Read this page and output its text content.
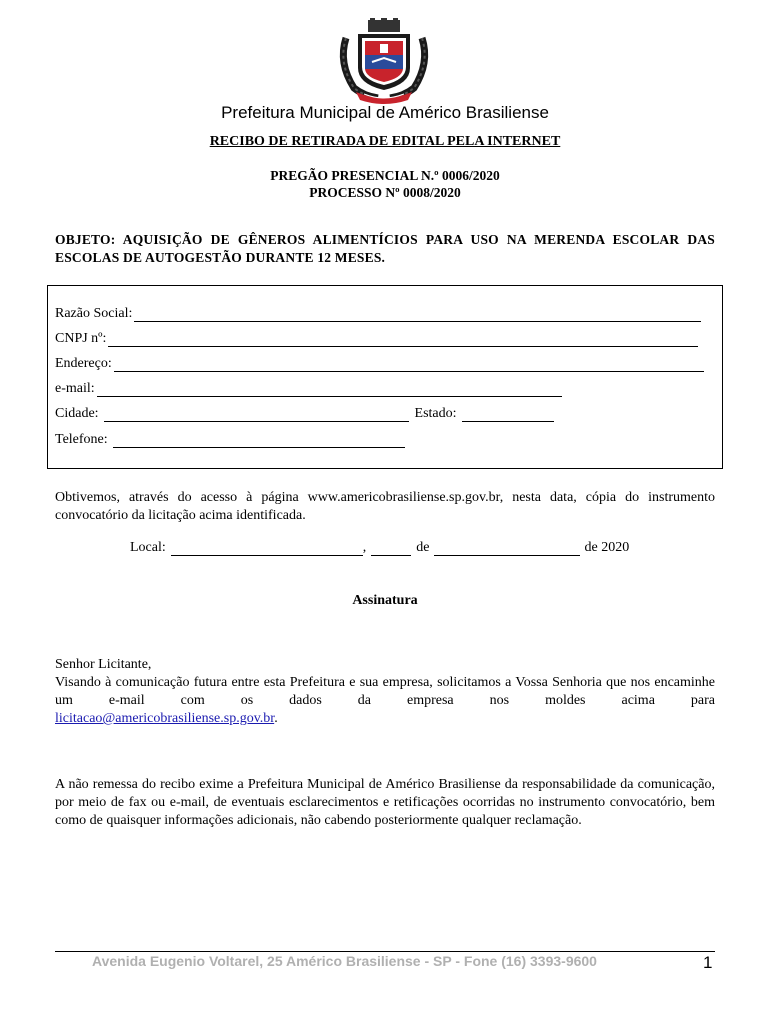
Prefeitura Municipal de Américo Brasiliense
RECIBO DE RETIRADA DE EDITAL PELA INTERNET
PREGÃO PRESENCIAL N.º 0006/2020
PROCESSO Nº 0008/2020
OBJETO: AQUISIÇÃO DE GÊNEROS ALIMENTÍCIOS PARA USO NA MERENDA ESCOLAR DAS ESCOLAS DE AUTOGESTÃO DURANTE 12 MESES.
Razão Social:
CNPJ nº:
Endereço:
e-mail:
Cidade:	Estado:
Telefone:
Obtivemos, através do acesso à página www.americobrasiliense.sp.gov.br, nesta data, cópia do instrumento convocatório da licitação acima identificada.
Local:	,	de	de 2020
Assinatura
Senhor Licitante,
Visando à comunicação futura entre esta Prefeitura e sua empresa, solicitamos a Vossa Senhoria que nos encaminhe um e-mail com os dados da empresa nos moldes acima para
licitacao@americobrasiliense.sp.gov.br.
A não remessa do recibo exime a Prefeitura Municipal de Américo Brasiliense da responsabilidade da comunicação, por meio de fax ou e-mail, de eventuais esclarecimentos e retificações ocorridas no instrumento convocatório, bem como de quaisquer informações adicionais, não cabendo posteriormente qualquer reclamação.
Avenida Eugenio Voltarel, 25 Américo Brasiliense - SP - Fone (16) 3393-9600	1
